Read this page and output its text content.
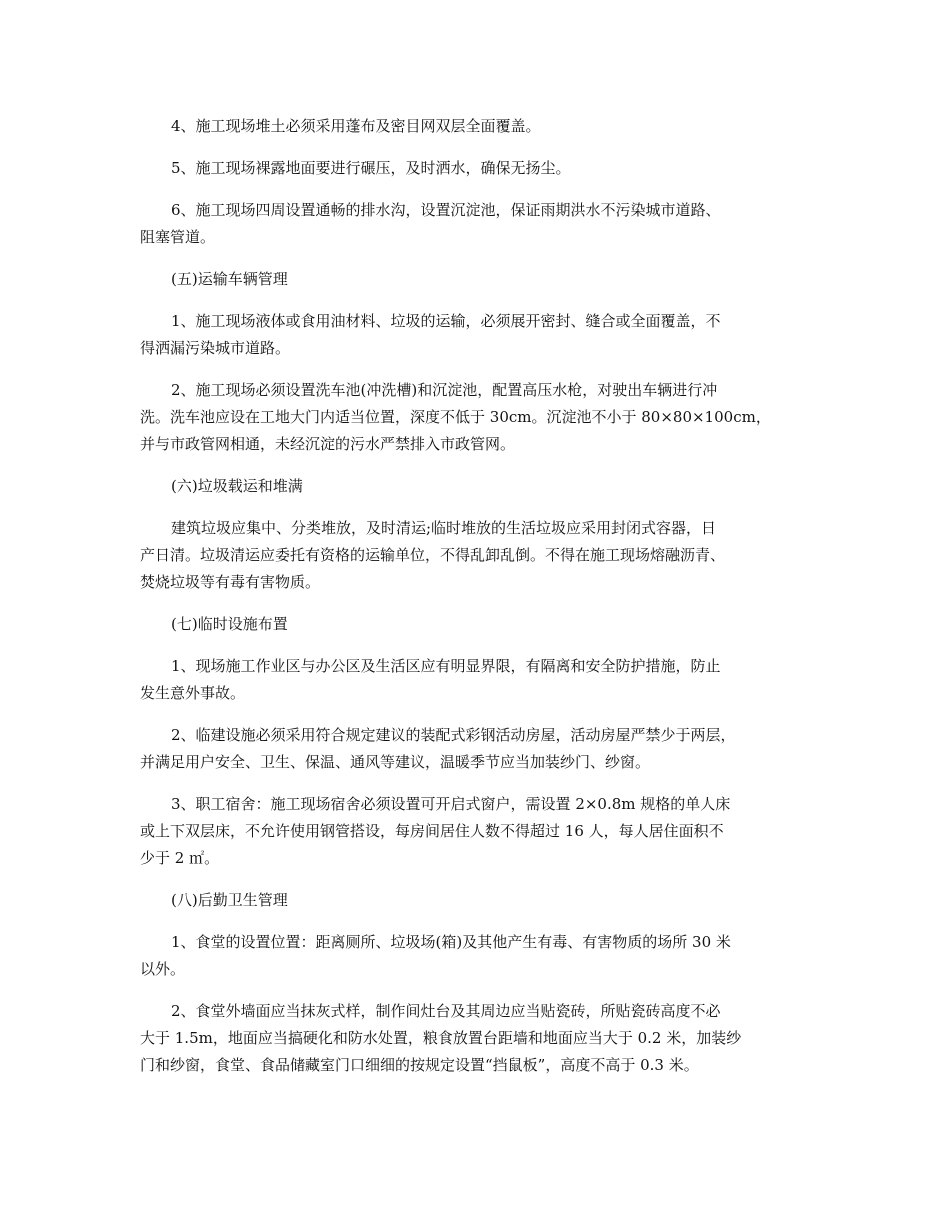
4、施工现场堆土必须采用蓬布及密目网双层全面覆盖。
5、施工现场裸露地面要进行碾压，及时洒水，确保无扬尘。
6、施工现场四周设置通畅的排水沟，设置沉淀池，保证雨期洪水不污染城市道路、
阻塞管道。
(五)运输车辆管理
1、施工现场液体或食用油材料、垃圾的运输，必须展开密封、缝合或全面覆盖，不
得洒漏污染城市道路。
2、施工现场必须设置洗车池(冲洗槽)和沉淀池，配置高压水枪，对驶出车辆进行冲
洗。洗车池应设在工地大门内适当位置，深度不低于 30cm。沉淀池不小于 80×80×100cm，
并与市政管网相通，未经沉淀的污水严禁排入市政管网。
(六)垃圾载运和堆满
建筑垃圾应集中、分类堆放，及时清运;临时堆放的生活垃圾应采用封闭式容器，日
产日清。垃圾清运应委托有资格的运输单位，不得乱卸乱倒。不得在施工现场熔融沥青、
焚烧垃圾等有毒有害物质。
(七)临时设施布置
1、现场施工作业区与办公区及生活区应有明显界限，有隔离和安全防护措施，防止
发生意外事故。
2、临建设施必须采用符合规定建议的装配式彩钢活动房屋，活动房屋严禁少于两层，
并满足用户安全、卫生、保温、通风等建议，温暖季节应当加装纱门、纱窗。
3、职工宿舍：施工现场宿舍必须设置可开启式窗户，需设置 2×0.8m 规格的单人床
或上下双层床，不允许使用钢管搭设，每房间居住人数不得超过 16 人，每人居住面积不
少于 2 ㎡。
(八)后勤卫生管理
1、食堂的设置位置：距离厕所、垃圾场(箱)及其他产生有毒、有害物质的场所 30 米
以外。
2、食堂外墙面应当抹灰式样，制作间灶台及其周边应当贴瓷砖，所贴瓷砖高度不必
大于 1.5m，地面应当搞硬化和防水处置，粮食放置台距墙和地面应当大于 0.2 米，加装纱
门和纱窗，食堂、食品储藏室门口细细的按规定设置“挡鼠板”，高度不高于 0.3 米。
